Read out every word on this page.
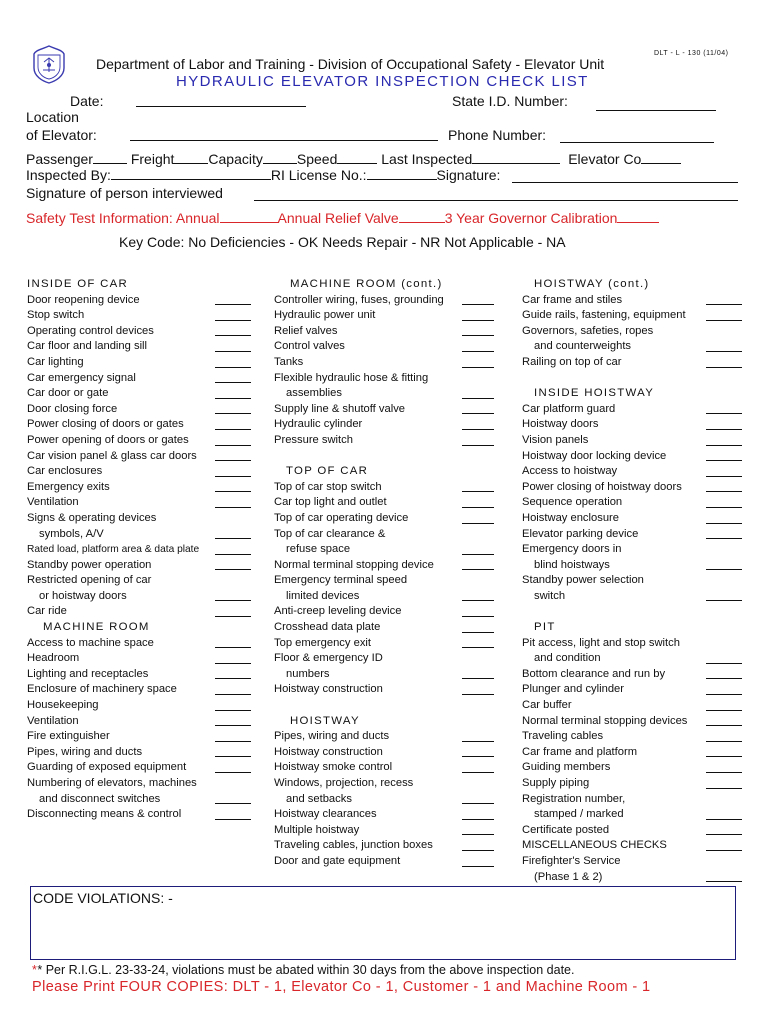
DLT - L - 130 (11/04)
Department of Labor and Training - Division of Occupational Safety - Elevator Unit
HYDRAULIC ELEVATOR INSPECTION CHECK LIST
Date:	State I.D. Number:
Location
of Elevator:	Phone Number:
Passenger	Freight Capacity Speed	Last Inspected	Elevator Co
Inspected By:	RI License No.:	Signature:
Signature of person interviewed
Safety Test Information: Annual	Annual Relief Valve	3 Year Governor Calibration
Key Code: No Deficiencies - OK Needs Repair - NR Not Applicable - NA
INSIDE OF CAR
Door reopening device
Stop switch
Operating control devices
Car floor and landing sill
Car lighting
Car emergency signal
Car door or gate
Door closing force
Power closing of doors or gates
Power opening of doors or gates
Car vision panel & glass car doors
Car enclosures
Emergency exits
Ventilation
Signs & operating devices
symbols, A/V
Rated load, platform area & data plate
Standby power operation
Restricted opening of car
or hoistway doors
Car ride
MACHINE ROOM
Access to machine space
Headroom
Lighting and receptacles
Enclosure of machinery space
Housekeeping
Ventilation
Fire extinguisher
Pipes, wiring and ducts
Guarding of exposed equipment
Numbering of elevators, machines
and disconnect switches
Disconnecting means & control
MACHINE ROOM (cont.)
Controller wiring, fuses, grounding
Hydraulic power unit
Relief valves
Control valves
Tanks
Flexible hydraulic hose & fitting
assemblies
Supply line & shutoff valve
Hydraulic cylinder
Pressure switch
TOP OF CAR
Top of car stop switch
Car top light and outlet
Top of car operating device
Top of car clearance &
refuse space
Normal terminal stopping device
Emergency terminal speed
limited devices
Anti-creep leveling device
Crosshead data plate
Top emergency exit
Floor & emergency ID
numbers
Hoistway construction
HOISTWAY
Pipes, wiring and ducts
Hoistway construction
Hoistway smoke control
Windows, projection, recess
and setbacks
Hoistway clearances
Multiple hoistway
Traveling cables, junction boxes
Door and gate equipment
HOISTWAY (cont.)
Car frame and stiles
Guide rails, fastening, equipment
Governors, safeties, ropes
and counterweights
Railing on top of car
INSIDE HOISTWAY
Car platform guard
Hoistway doors
Vision panels
Hoistway door locking device
Access to hoistway
Power closing of hoistway doors
Sequence operation
Hoistway enclosure
Elevator parking device
Emergency doors in
blind hoistways
Standby power selection
switch
PIT
Pit access, light and stop switch
and condition
Bottom clearance and run by
Plunger and cylinder
Car buffer
Normal terminal stopping devices
Traveling cables
Car frame and platform
Guiding members
Supply piping
Registration number,
stamped / marked
Certificate posted
MISCELLANEOUS CHECKS
Firefighter's Service
(Phase 1 & 2)
CODE VIOLATIONS: -
* * Per R.I.G.L. 23-33-24, violations must be abated within 30 days from the above inspection date.
Please Print FOUR COPIES: DLT - 1, Elevator Co - 1, Customer - 1 and Machine Room - 1
